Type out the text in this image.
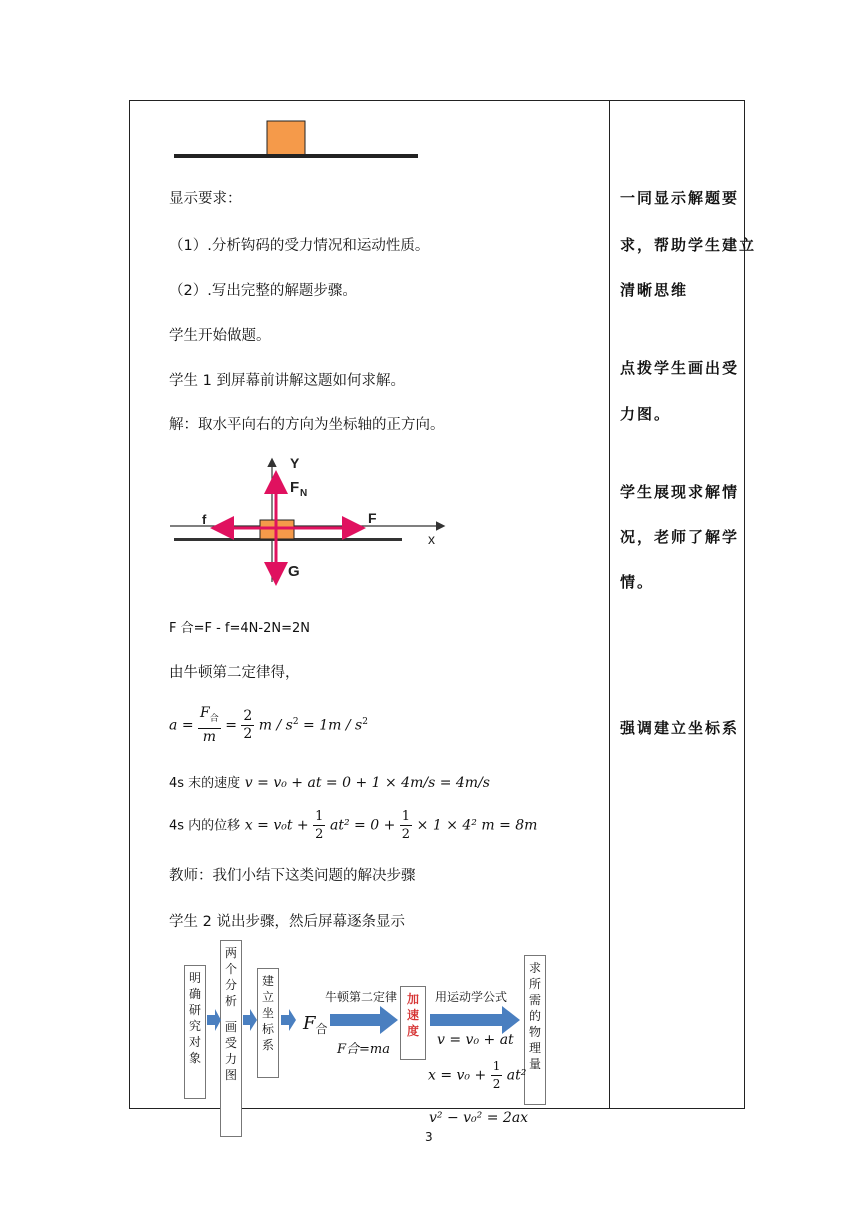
显示要求：
（1）.分析钩码的受力情况和运动性质。
（2）.写出完整的解题步骤。
学生开始做题。
学生 1 到屏幕前讲解这题如何求解。
解：取水平向右的方向为坐标轴的正方向。
Y
F N
f	F
x
G
F 合=F - f=4N-2N=2N
由牛顿第二定律得，
$a = \frac{F_合}{m} = \frac{2}{2}$ $m / s^2 = 1m / s^2$
4s 末的速度 v = v₀ + at = 0 + 1 × 4m/s = 4m/s
4s 内的位移 $x = v_0t + \frac{1}{2} at^2 = 0 + \frac{1}{2} \times 1 \times 4^2$ m = 8m
教师：我们小结下这类问题的解决步骤
学生 2 说出步骤，然后屏幕逐条显示
明
确
研
究
对
象
两
个
分
析
画
受
力
图
建
立
坐
标
系
加
速
度
求
所
需
的
物
理
量
$F_合$
牛顿第二定律
F合=ma
用运动学公式
v = v₀ + at
$x = v_0 + \frac{1}{2} at^2$
v² − v₀² = 2ax
一同显示解题要
求，帮助学生建立
清晰思维
点拨学生画出受
力图。
学生展现求解情
况，老师了解学
情。
强调建立坐标系
3
